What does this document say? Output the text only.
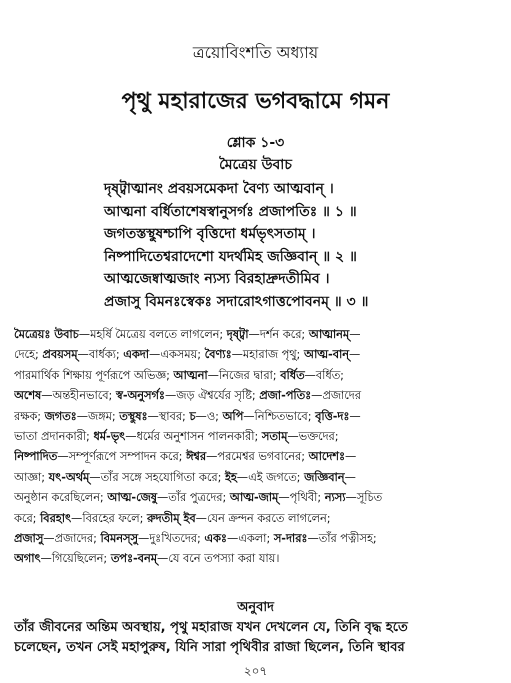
ত্রয়োবিংশতি অধ্যায়
পৃথু মহারাজের ভগবদ্ধামে গমন
শ্লোক ১-৩
মৈত্রেয় উবাচ
দৃষ্ট্বাত্মানং প্রবয়সমেকদা বৈণ্য আত্মবান্ ।
আত্মনা বর্ধিতাশেষস্বানুসর্গঃ প্রজাপতিঃ ॥ ১ ॥
জগতস্তস্থুষশ্চাপি বৃত্তিদো ধর্মভৃৎসতাম্ ।
নিষ্পাদিতেশ্বরাদেশো যদর্থমিহ জজ্ঞিবান্ ॥ ২ ॥
আত্মজেষ্বাত্মজাং ন্যস্য বিরহাদ্রুদতীমিব ।
প্রজাসু বিমনঃস্বেকঃ সদারোঽগাত্তপোবনম্ ॥ ৩ ॥
মৈত্রেয়ঃ উবাচ—মহর্ষি মৈত্রেয় বলতে লাগলেন; দৃষ্ট্বা—দর্শন করে; আত্মানম্—
দেহে; প্রবয়সম্—বার্ধক্য; একদা—একসময়; বৈণ্যঃ—মহারাজ পৃথু; আত্ম-বান্—
পারমার্থিক শিক্ষায় পূর্ণরূপে অভিজ্ঞ; আত্মনা—নিজের দ্বারা; বর্ধিত—বর্ধিত;
অশেষ—অন্তহীনভাবে; স্ব-অনুসর্গঃ—জড় ঐশ্বর্যের সৃষ্টি; প্রজা-পতিঃ—প্রজাদের
রক্ষক; জগতঃ—জঙ্গম; তস্থুষঃ—স্থাবর; চ—ও; অপি—নিশ্চিতভাবে; বৃত্তি-দঃ—
ভাতা প্রদানকারী; ধর্ম-ভৃৎ—ধর্মের অনুশাসন পালনকারী; সতাম্—ভক্তদের;
নিষ্পাদিত—সম্পূর্ণরূপে সম্পাদন করে; ঈশ্বর—পরমেশ্বর ভগবানের; আদেশঃ—
আজ্ঞা; যৎ-অর্থম্—তাঁর সঙ্গে সহযোগিতা করে; ইহ—এই জগতে; জজ্ঞিবান্—
অনুষ্ঠান করেছিলেন; আত্ম-জেষু—তাঁর পুত্রদের; আত্ম-জাম্—পৃথিবী; ন্যস্য—সূচিত
করে; বিরহাৎ—বিরহের ফলে; রুদতীম্ ইব—যেন ক্রন্দন করতে লাগলেন;
প্রজাসু—প্রজাদের; বিমনস্সু—দুঃখিতদের; একঃ—একলা; স-দারঃ—তাঁর পত্নীসহ;
অগাৎ—গিয়েছিলেন; তপঃ-বনম্—যে বনে তপস্যা করা যায়।
অনুবাদ
তাঁর জীবনের অন্তিম অবস্থায়, পৃথু মহারাজ যখন দেখলেন যে, তিনি বৃদ্ধ হতে
চলেছেন, তখন সেই মহাপুরুষ, যিনি সারা পৃথিবীর রাজা ছিলেন, তিনি স্থাবর
২০৭
